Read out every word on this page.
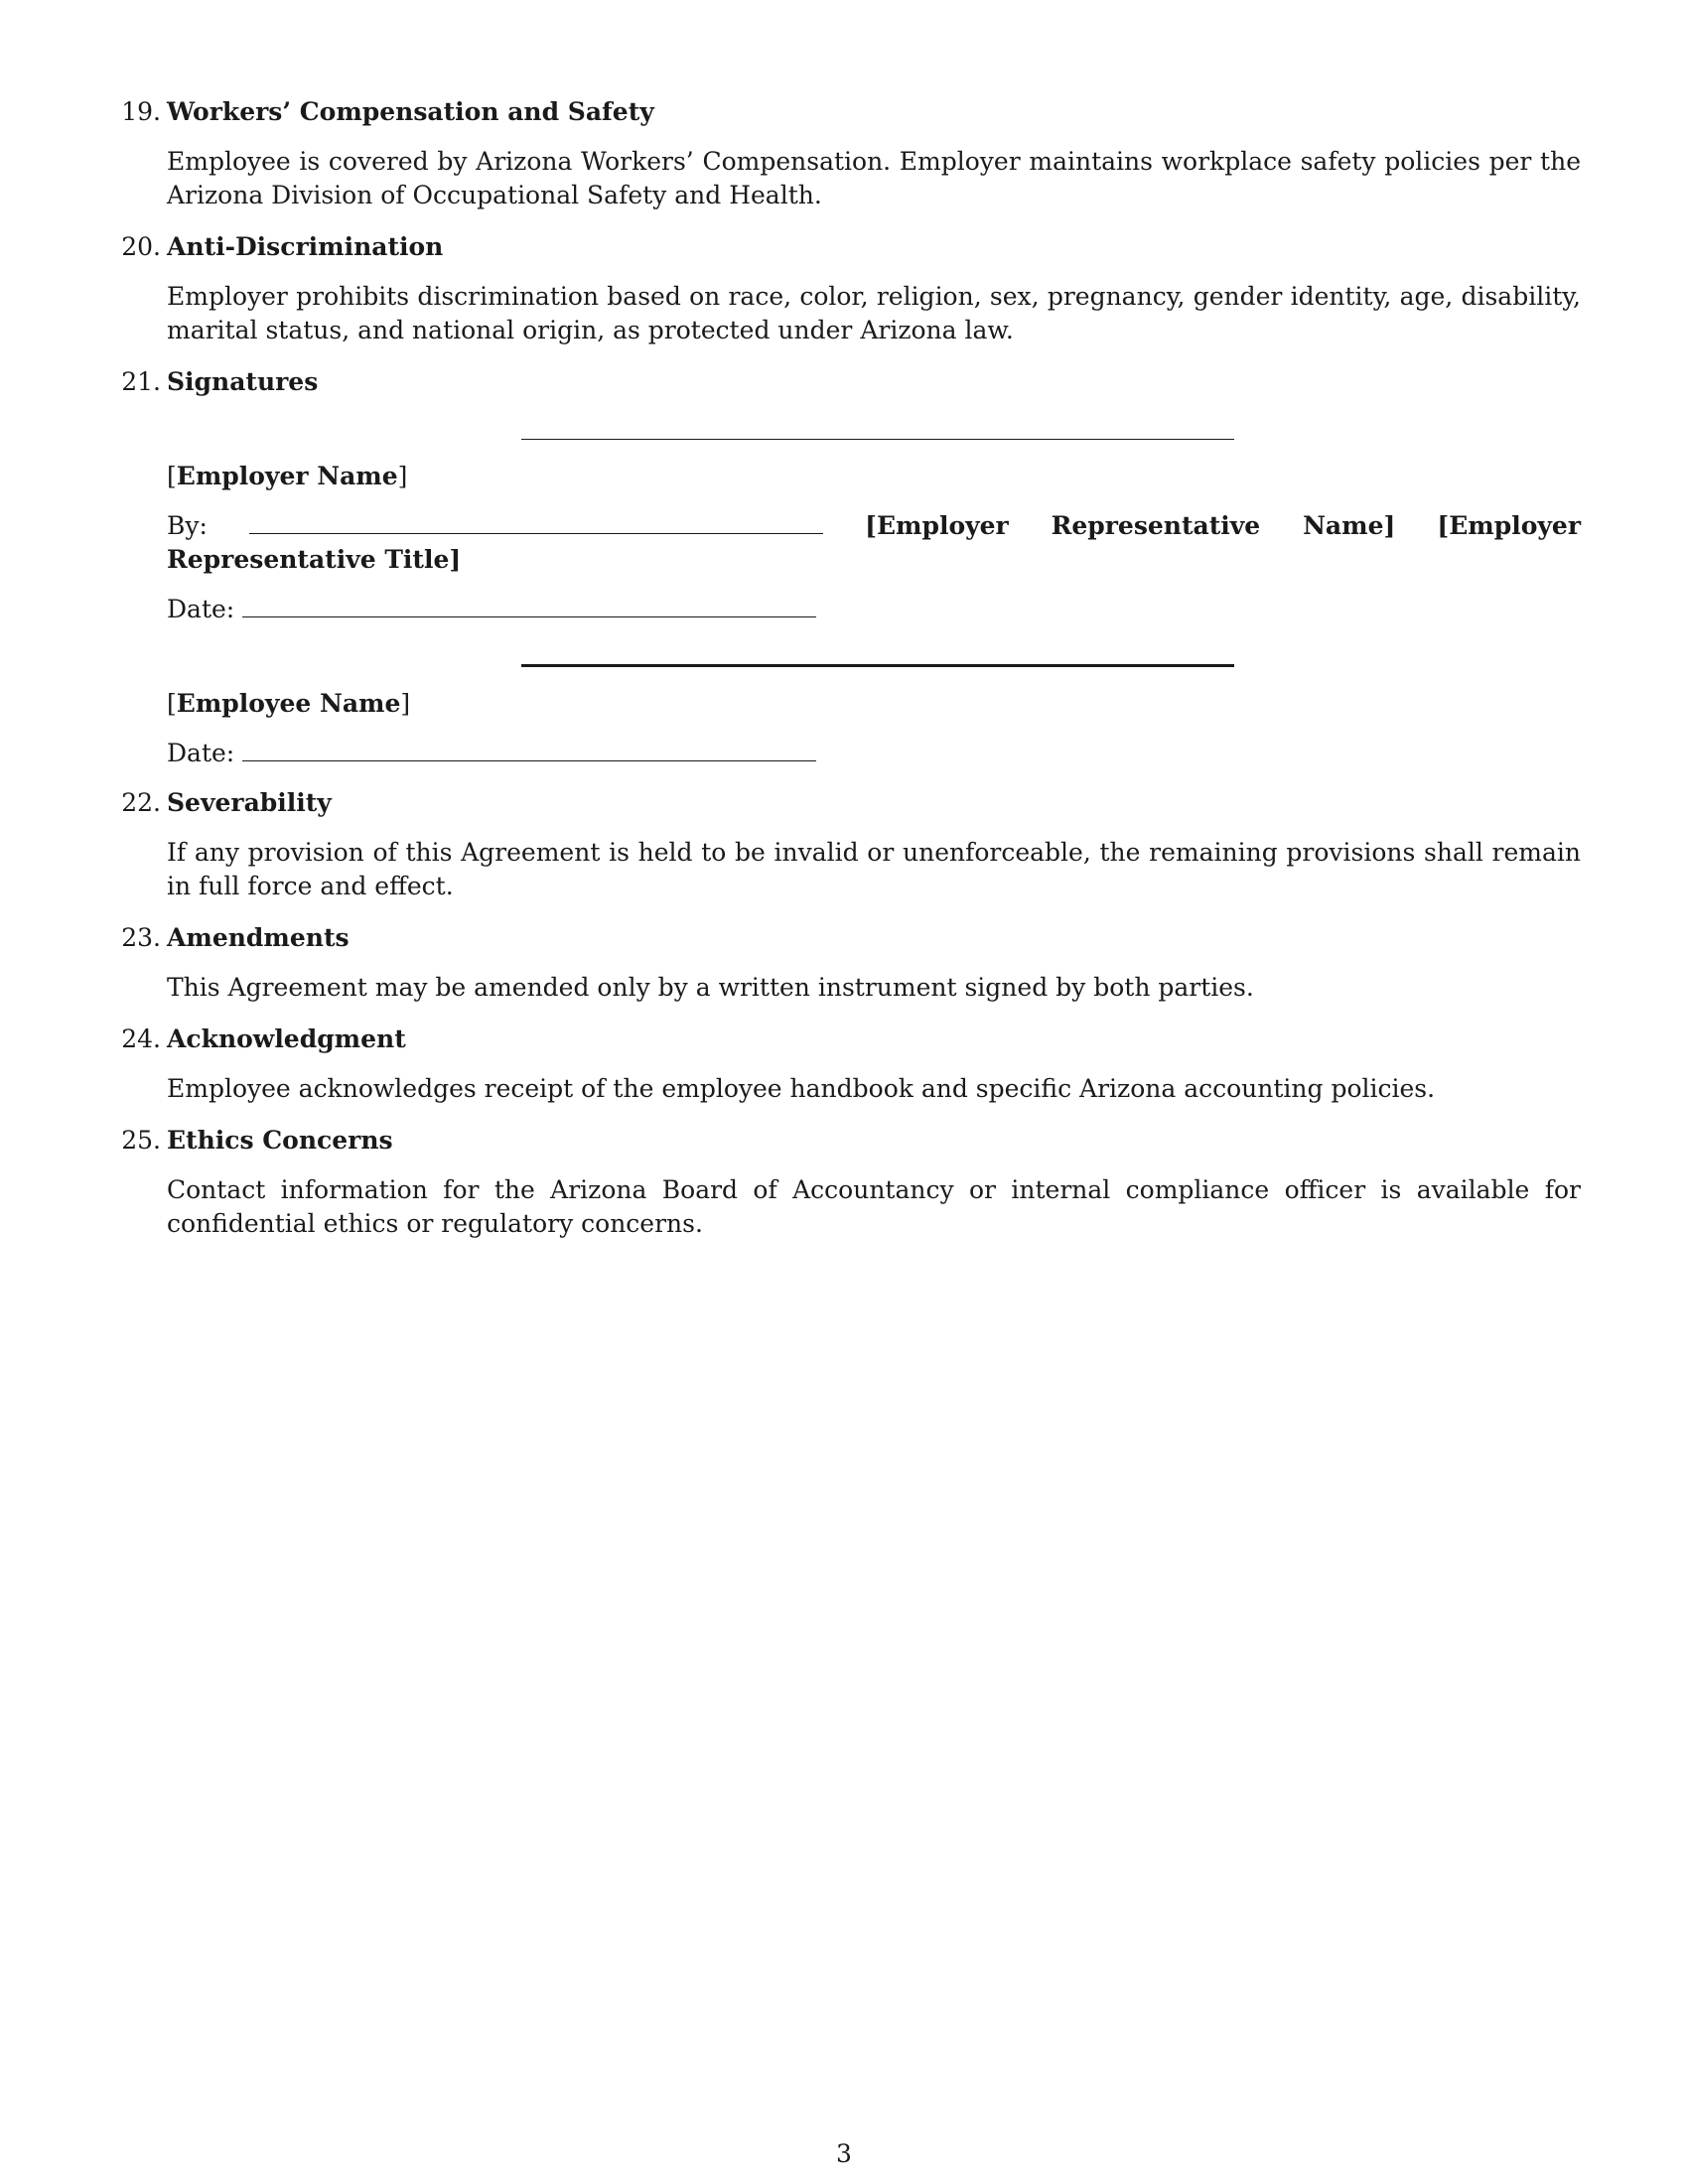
19. Workers’ Compensation and Safety
Employee is covered by Arizona Workers’ Compensation. Employer maintains workplace safety policies per the Arizona Division of Occupational Safety and Health.
20. Anti-Discrimination
Employer prohibits discrimination based on race, color, religion, sex, pregnancy, gender identity, age, disability, marital status, and national origin, as protected under Arizona law.
21. Signatures
[Employer Name]
By:	[Employer Representative Name] [Employer Representative Title]
Date:
[Employee Name]
Date:
22. Severability
If any provision of this Agreement is held to be invalid or unenforceable, the remaining provisions shall remain in full force and effect.
23. Amendments
This Agreement may be amended only by a written instrument signed by both parties.
24. Acknowledgment
Employee acknowledges receipt of the employee handbook and specific Arizona accounting policies.
25. Ethics Concerns
Contact information for the Arizona Board of Accountancy or internal compliance officer is available for confidential ethics or regulatory concerns.
3
